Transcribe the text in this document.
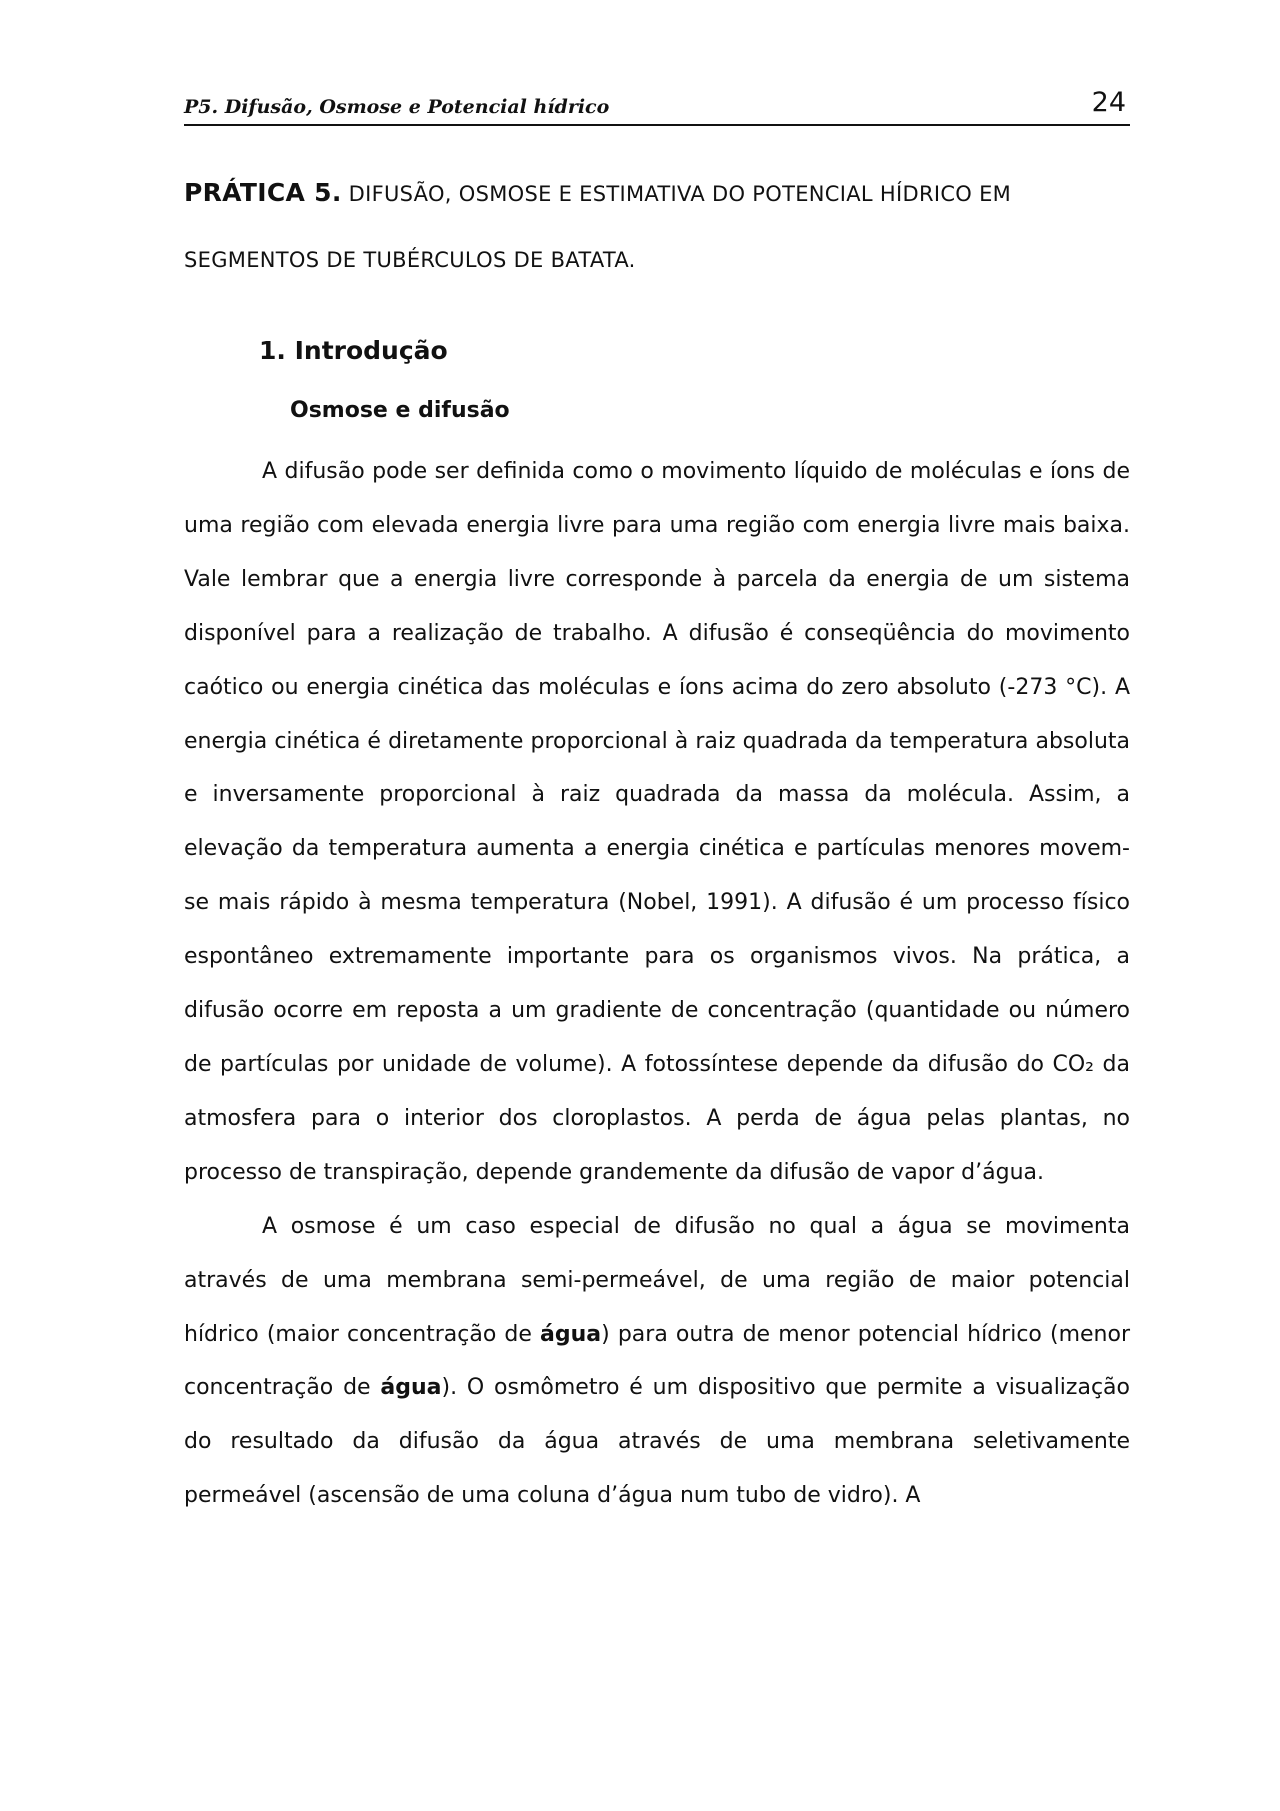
P5. Difusão, Osmose e Potencial hídrico	24
PRÁTICA 5. DIFUSÃO, OSMOSE E ESTIMATIVA DO POTENCIAL HÍDRICO EM SEGMENTOS DE TUBÉRCULOS DE BATATA.
1. Introdução
Osmose e difusão

A difusão pode ser definida como o movimento líquido de moléculas e íons de uma região com elevada energia livre para uma região com energia livre mais baixa. Vale lembrar que a energia livre corresponde à parcela da energia de um sistema disponível para a realização de trabalho. A difusão é conseqüência do movimento caótico ou energia cinética das moléculas e íons acima do zero absoluto (-273 °C). A energia cinética é diretamente proporcional à raiz quadrada da temperatura absoluta e inversamente proporcional à raiz quadrada da massa da molécula. Assim, a elevação da temperatura aumenta a energia cinética e partículas menores movem-se mais rápido à mesma temperatura (Nobel, 1991). A difusão é um processo físico espontâneo extremamente importante para os organismos vivos. Na prática, a difusão ocorre em reposta a um gradiente de concentração (quantidade ou número de partículas por unidade de volume). A fotossíntese depende da difusão do CO₂ da atmosfera para o interior dos cloroplastos. A perda de água pelas plantas, no processo de transpiração, depende grandemente da difusão de vapor d’água.

A osmose é um caso especial de difusão no qual a água se movimenta através de uma membrana semi-permeável, de uma região de maior potencial hídrico (maior concentração de água) para outra de menor potencial hídrico (menor concentração de água). O osmômetro é um dispositivo que permite a visualização do resultado da difusão da água através de uma membrana seletivamente permeável (ascensão de uma coluna d’água num tubo de vidro). A
